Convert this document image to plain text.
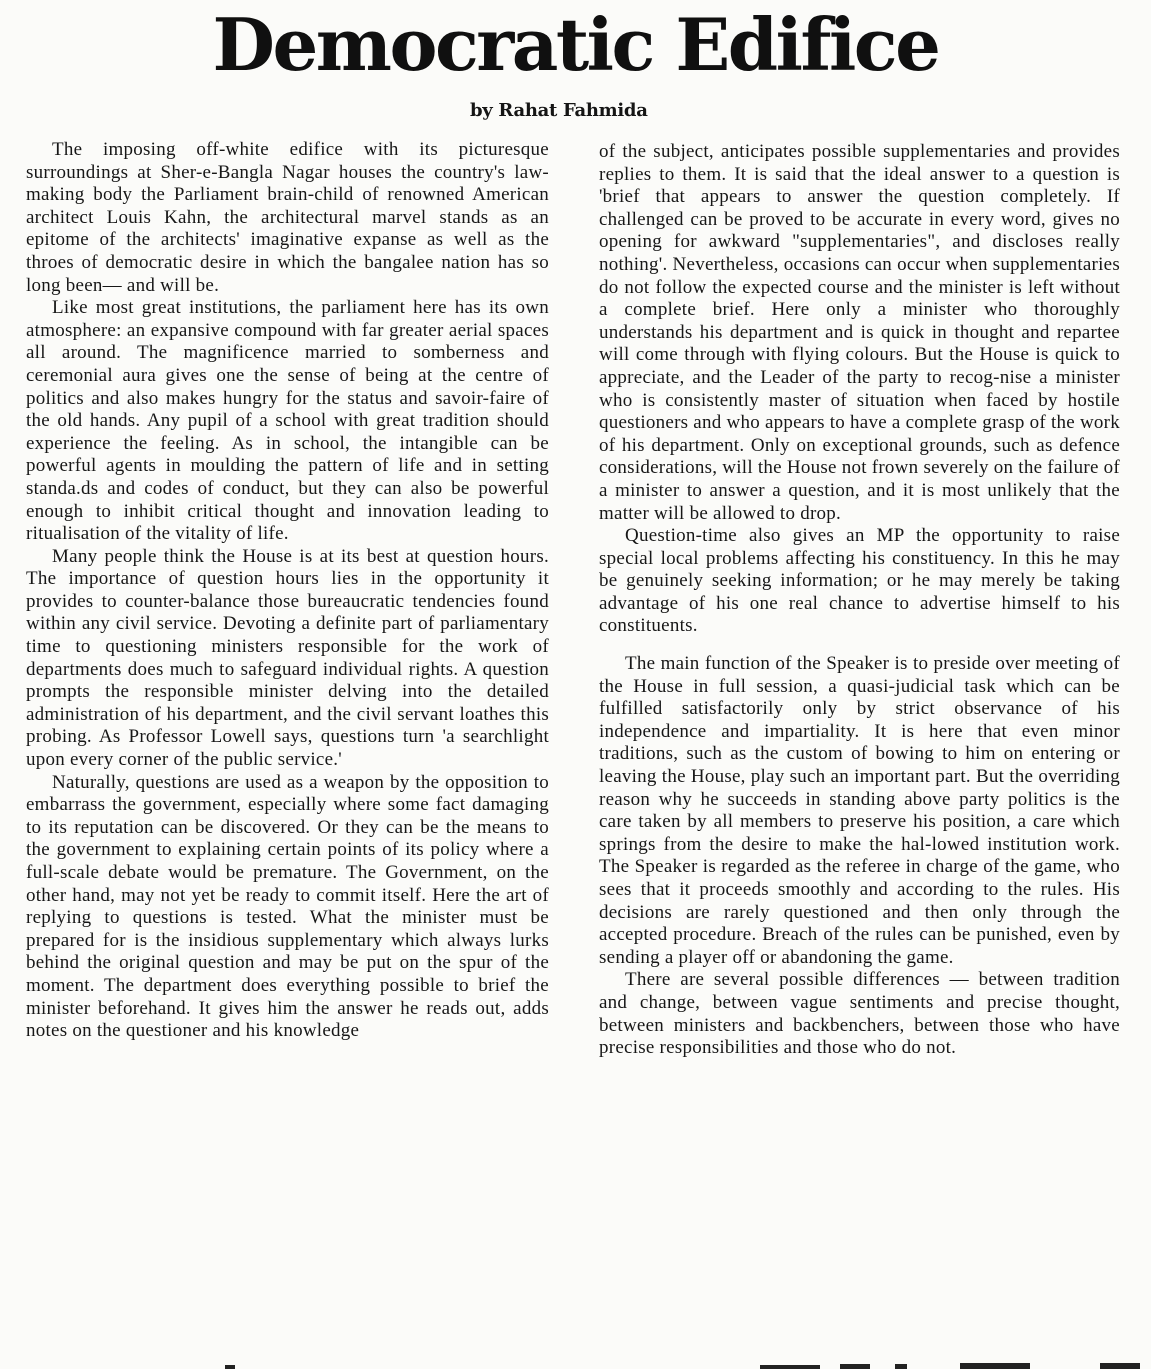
Democratic Edifice

by Rahat Fahmida

The imposing off-white edifice with its picturesque surroundings at Sher-e-Bangla Nagar houses the country's law-making body the Parliament brain-child of renowned American architect Louis Kahn, the architectural marvel stands as an epitome of the architects' imaginative expanse as well as the throes of democratic desire in which the bangalee nation has so long been— and will be.

Like most great institutions, the parliament here has its own atmosphere: an expansive compound with far greater aerial spaces all around. The magnificence married to somberness and ceremonial aura gives one the sense of being at the centre of politics and also makes hungry for the status and savoir-faire of the old hands. Any pupil of a school with great tradition should experience the feeling. As in school, the intangible can be powerful agents in moulding the pattern of life and in setting standa.ds and codes of conduct, but they can also be powerful enough to inhibit critical thought and innovation leading to ritualisation of the vitality of life.

Many people think the House is at its best at question hours. The importance of question hours lies in the opportunity it provides to counter-balance those bureaucratic tendencies found within any civil service. Devoting a definite part of parliamentary time to questioning ministers responsible for the work of departments does much to safeguard individual rights. A question prompts the responsible minister delving into the detailed administration of his department, and the civil servant loathes this probing. As Professor Lowell says, questions turn 'a searchlight upon every corner of the public service.'

Naturally, questions are used as a weapon by the opposition to embarrass the government, especially where some fact damaging to its reputation can be discovered. Or they can be the means to the government to explaining certain points of its policy where a full-scale debate would be premature. The Government, on the other hand, may not yet be ready to commit itself. Here the art of replying to questions is tested. What the minister must be prepared for is the insidious supplementary which always lurks behind the original question and may be put on the spur of the moment. The department does everything possible to brief the minister beforehand. It gives him the answer he reads out, adds notes on the questioner and his knowledge

of the subject, anticipates possible supplementaries and provides replies to them. It is said that the ideal answer to a question is 'brief that appears to answer the question completely. If challenged can be proved to be accurate in every word, gives no opening for awkward "supplementaries", and discloses really nothing'. Nevertheless, occasions can occur when supplementaries do not follow the expected course and the minister is left without a complete brief. Here only a minister who thoroughly understands his department and is quick in thought and repartee will come through with flying colours. But the House is quick to appreciate, and the Leader of the party to recog-nise a minister who is consistently master of situation when faced by hostile questioners and who appears to have a complete grasp of the work of his department. Only on exceptional grounds, such as defence considerations, will the House not frown severely on the failure of a minister to answer a question, and it is most unlikely that the matter will be allowed to drop.

Question-time also gives an MP the opportunity to raise special local problems affecting his constituency. In this he may be genuinely seeking information; or he may merely be taking advantage of his one real chance to advertise himself to his constituents.

The main function of the Speaker is to preside over meeting of the House in full session, a quasi-judicial task which can be fulfilled satisfactorily only by strict observance of his independence and impartiality. It is here that even minor traditions, such as the custom of bowing to him on entering or leaving the House, play such an important part. But the overriding reason why he succeeds in standing above party politics is the care taken by all members to preserve his position, a care which springs from the desire to make the hal-lowed institution work. The Speaker is regarded as the referee in charge of the game, who sees that it proceeds smoothly and according to the rules. His decisions are rarely questioned and then only through the accepted procedure. Breach of the rules can be punished, even by sending a player off or abandoning the game.

There are several possible differences — between tradition and change, between vague sentiments and precise thought, between ministers and backbenchers, between those who have precise responsibilities and those who do not.
